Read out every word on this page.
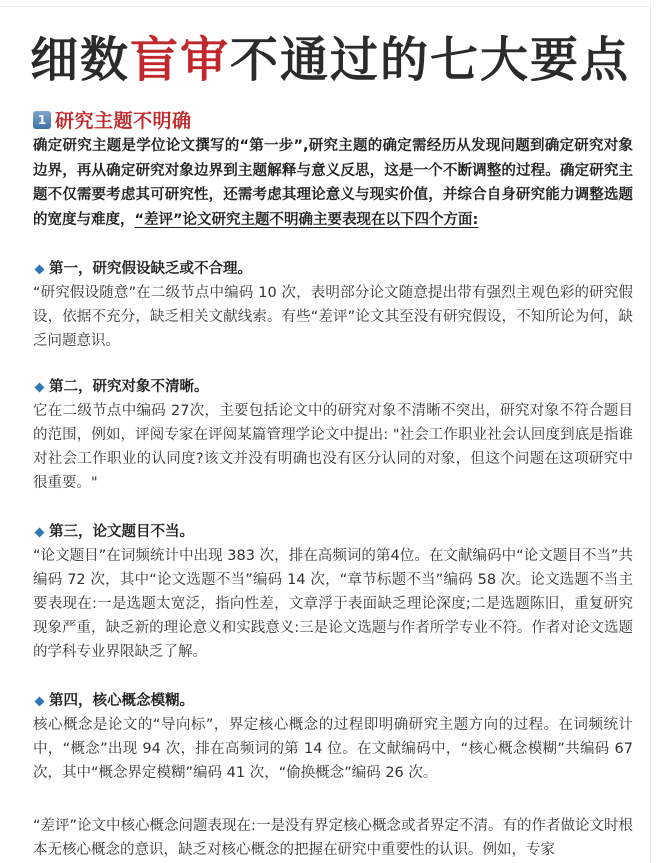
细数盲审不通过的七大要点
1 研究主题不明确

确定研究主题是学位论文撰写的“第一步”,研究主题的确定需经历从发现问题到确定研究对象边界，再从确定研究对象边界到主题解释与意义反思，这是一个不断调整的过程。确定研究主题不仅需要考虑其可研究性，还需考虑其理论意义与现实价值，并综合自身研究能力调整选题的宽度与难度，“差评”论文研究主题不明确主要表现在以下四个方面:

第一，研究假设缺乏或不合理。

“研究假设随意”在二级节点中编码 10 次，表明部分论文随意提出带有强烈主观色彩的研究假设，依据不充分，缺乏相关文献线索。有些“差评”论文其至没有研究假设，不知所论为何，缺乏问题意识。

第二，研究对象不清晰。

它在二级节点中编码 27次，主要包括论文中的研究对象不清晰不突出，研究对象不符合题目的范围，例如，评阅专家在评阅某篇管理学论文中提出: "社会工作职业社会认回度到底是指谁对社会工作职业的认同度?该文并没有明确也没有区分认同的对象，但这个问题在这项研究中很重要。"

第三，论文题目不当。

“论文题目”在词频统计中出现 383 次，排在高频词的第4位。在文献编码中“论文题目不当”共编码 72 次，其中“论文选题不当”编码 14 次，“章节标题不当”编码 58 次。论文选题不当主要表现在:一是选题太宽泛，指向性差，文章浮于表面缺乏理论深度;二是选题陈旧，重复研究现象严重，缺乏新的理论意义和实践意义:三是论文选题与作者所学专业不符。作者对论文选题的学科专业界限缺乏了解。

第四，核心概念模糊。

核心概念是论文的“导向标”，界定核心概念的过程即明确研究主题方向的过程。在词频统计中，“概念”出现 94 次，排在高频词的第 14 位。在文献编码中，“核心概念模糊”共编码 67 次，其中“概念界定模糊”编码 41 次，“偷换概念”编码 26 次。

“差评”论文中核心概念问题表现在:一是没有界定核心概念或者界定不清。有的作者做论文时根本无核心概念的意识，缺乏对核心概念的把握在研究中重要性的认识。例如，专家
